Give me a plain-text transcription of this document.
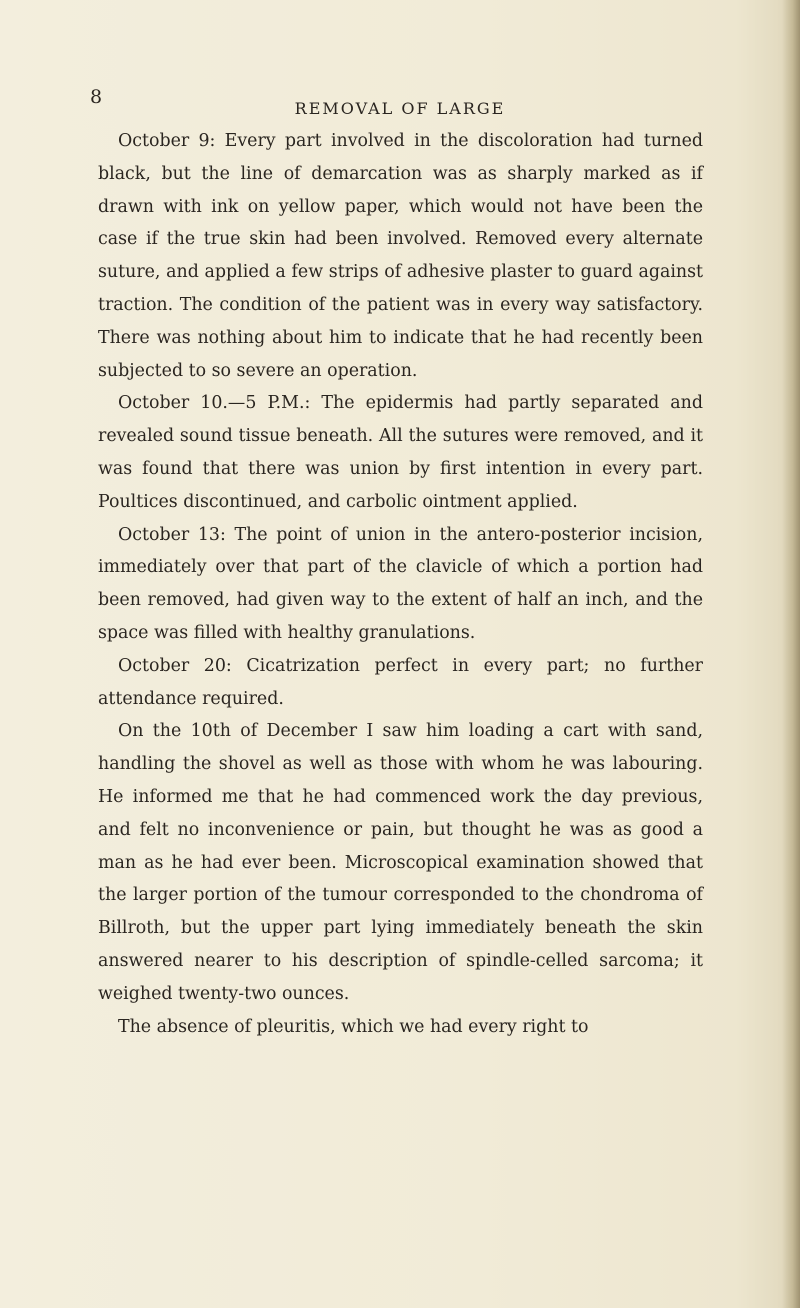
8
REMOVAL OF LARGE

October 9: Every part involved in the discoloration had turned black, but the line of demarcation was as sharply marked as if drawn with ink on yellow paper, which would not have been the case if the true skin had been involved. Removed every alternate suture, and applied a few strips of adhesive plaster to guard against traction. The condition of the patient was in every way satisfactory. There was nothing about him to indicate that he had recently been subjected to so severe an operation.

October 10.—5 P.M.: The epidermis had partly separated and revealed sound tissue beneath. All the sutures were removed, and it was found that there was union by first intention in every part. Poultices discontinued, and carbolic ointment applied.

October 13: The point of union in the antero-posterior incision, immediately over that part of the clavicle of which a portion had been removed, had given way to the extent of half an inch, and the space was filled with healthy granulations.

October 20: Cicatrization perfect in every part; no further attendance required.

On the 10th of December I saw him loading a cart with sand, handling the shovel as well as those with whom he was labouring. He informed me that he had commenced work the day previous, and felt no inconvenience or pain, but thought he was as good a man as he had ever been. Microscopical examination showed that the larger portion of the tumour corresponded to the chondroma of Billroth, but the upper part lying immediately beneath the skin answered nearer to his description of spindle-celled sarcoma; it weighed twenty-two ounces.

The absence of pleuritis, which we had every right to
